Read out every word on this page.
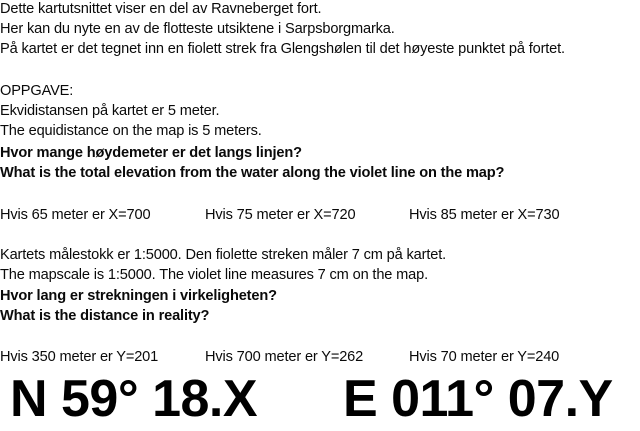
Dette kartutsnittet viser en del av Ravneberget fort.
Her kan du nyte en av de flotteste utsiktene i Sarpsborgmarka.
På kartet er det tegnet inn en fiolett strek fra Glengshølen til det høyeste punktet på fortet.
OPPGAVE:
Ekvidistansen på kartet er 5 meter.
The equidistance on the map is 5 meters.
Hvor mange høydemeter er det langs linjen?
What is the total elevation from the water along the violet line on the map?
Hvis 65 meter er X=700	Hvis 75 meter er X=720	Hvis 85 meter er X=730
Kartets målestokk er 1:5000. Den fiolette streken måler 7 cm på kartet.
The mapscale is 1:5000. The violet line measures 7 cm on the map.
Hvor lang er strekningen i virkeligheten?
What is the distance in reality?
Hvis 350 meter er Y=201	Hvis 700 meter er Y=262	Hvis 70 meter er Y=240
N 59° 18.X E 011° 07.Y
